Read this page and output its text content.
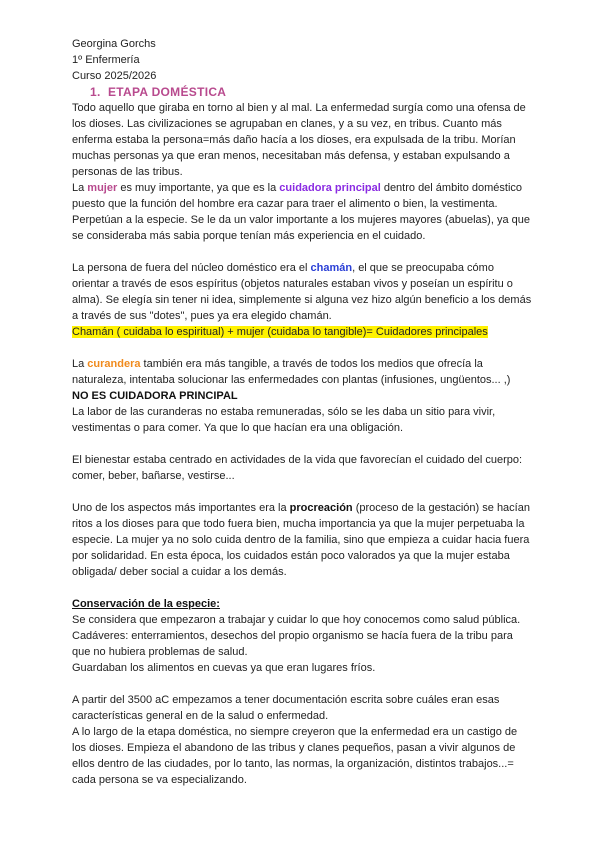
Georgina Gorchs

1º Enfermería

Curso 2025/2026

1. ETAPA DOMÉSTICA

Todo aquello que giraba en torno al bien y al mal. La enfermedad surgía como una ofensa de los dioses. Las civilizaciones se agrupaban en clanes, y a su vez, en tribus. Cuanto más enferma estaba la persona=más daño hacía a los dioses, era expulsada de la tribu. Morían muchas personas ya que eran menos, necesitaban más defensa, y estaban expulsando a personas de las tribus.

La mujer es muy importante, ya que es la cuidadora principal dentro del ámbito doméstico puesto que la función del hombre era cazar para traer el alimento o bien, la vestimenta. Perpetúan a la especie. Se le da un valor importante a los mujeres mayores (abuelas), ya que se consideraba más sabia porque tenían más experiencia en el cuidado.

La persona de fuera del núcleo doméstico era el chamán, el que se preocupaba cómo orientar a través de esos espíritus (objetos naturales estaban vivos y poseían un espíritu o alma). Se elegía sin tener ni idea, simplemente si alguna vez hizo algún beneficio a los demás a través de sus "dotes", pues ya era elegido chamán.

Chamán ( cuidaba lo espiritual) + mujer (cuidaba lo tangible)= Cuidadores principales

La curandera también era más tangible, a través de todos los medios que ofrecía la naturaleza, intentaba solucionar las enfermedades con plantas (infusiones, ungüentos... ,)

NO ES CUIDADORA PRINCIPAL

La labor de las curanderas no estaba remuneradas, sólo se les daba un sitio para vivir, vestimentas o para comer. Ya que lo que hacían era una obligación.

El bienestar estaba centrado en actividades de la vida que favorecían el cuidado del cuerpo: comer, beber, bañarse, vestirse...

Uno de los aspectos más importantes era la procreación (proceso de la gestación) se hacían ritos a los dioses para que todo fuera bien, mucha importancia ya que la mujer perpetuaba la especie. La mujer ya no solo cuida dentro de la familia, sino que empieza a cuidar hacia fuera por solidaridad. En esta época, los cuidados están poco valorados ya que la mujer estaba obligada/ deber social a cuidar a los demás.

Conservación de la especie:

Se considera que empezaron a trabajar y cuidar lo que hoy conocemos como salud pública.

Cadáveres: enterramientos, desechos del propio organismo se hacía fuera de la tribu para que no hubiera problemas de salud.

Guardaban los alimentos en cuevas ya que eran lugares fríos.

A partir del 3500 aC empezamos a tener documentación escrita sobre cuáles eran esas características general en de la salud o enfermedad.

A lo largo de la etapa doméstica, no siempre creyeron que la enfermedad era un castigo de los dioses. Empieza el abandono de las tribus y clanes pequeños, pasan a vivir algunos de ellos dentro de las ciudades, por lo tanto, las normas, la organización, distintos trabajos...= cada persona se va especializando.
